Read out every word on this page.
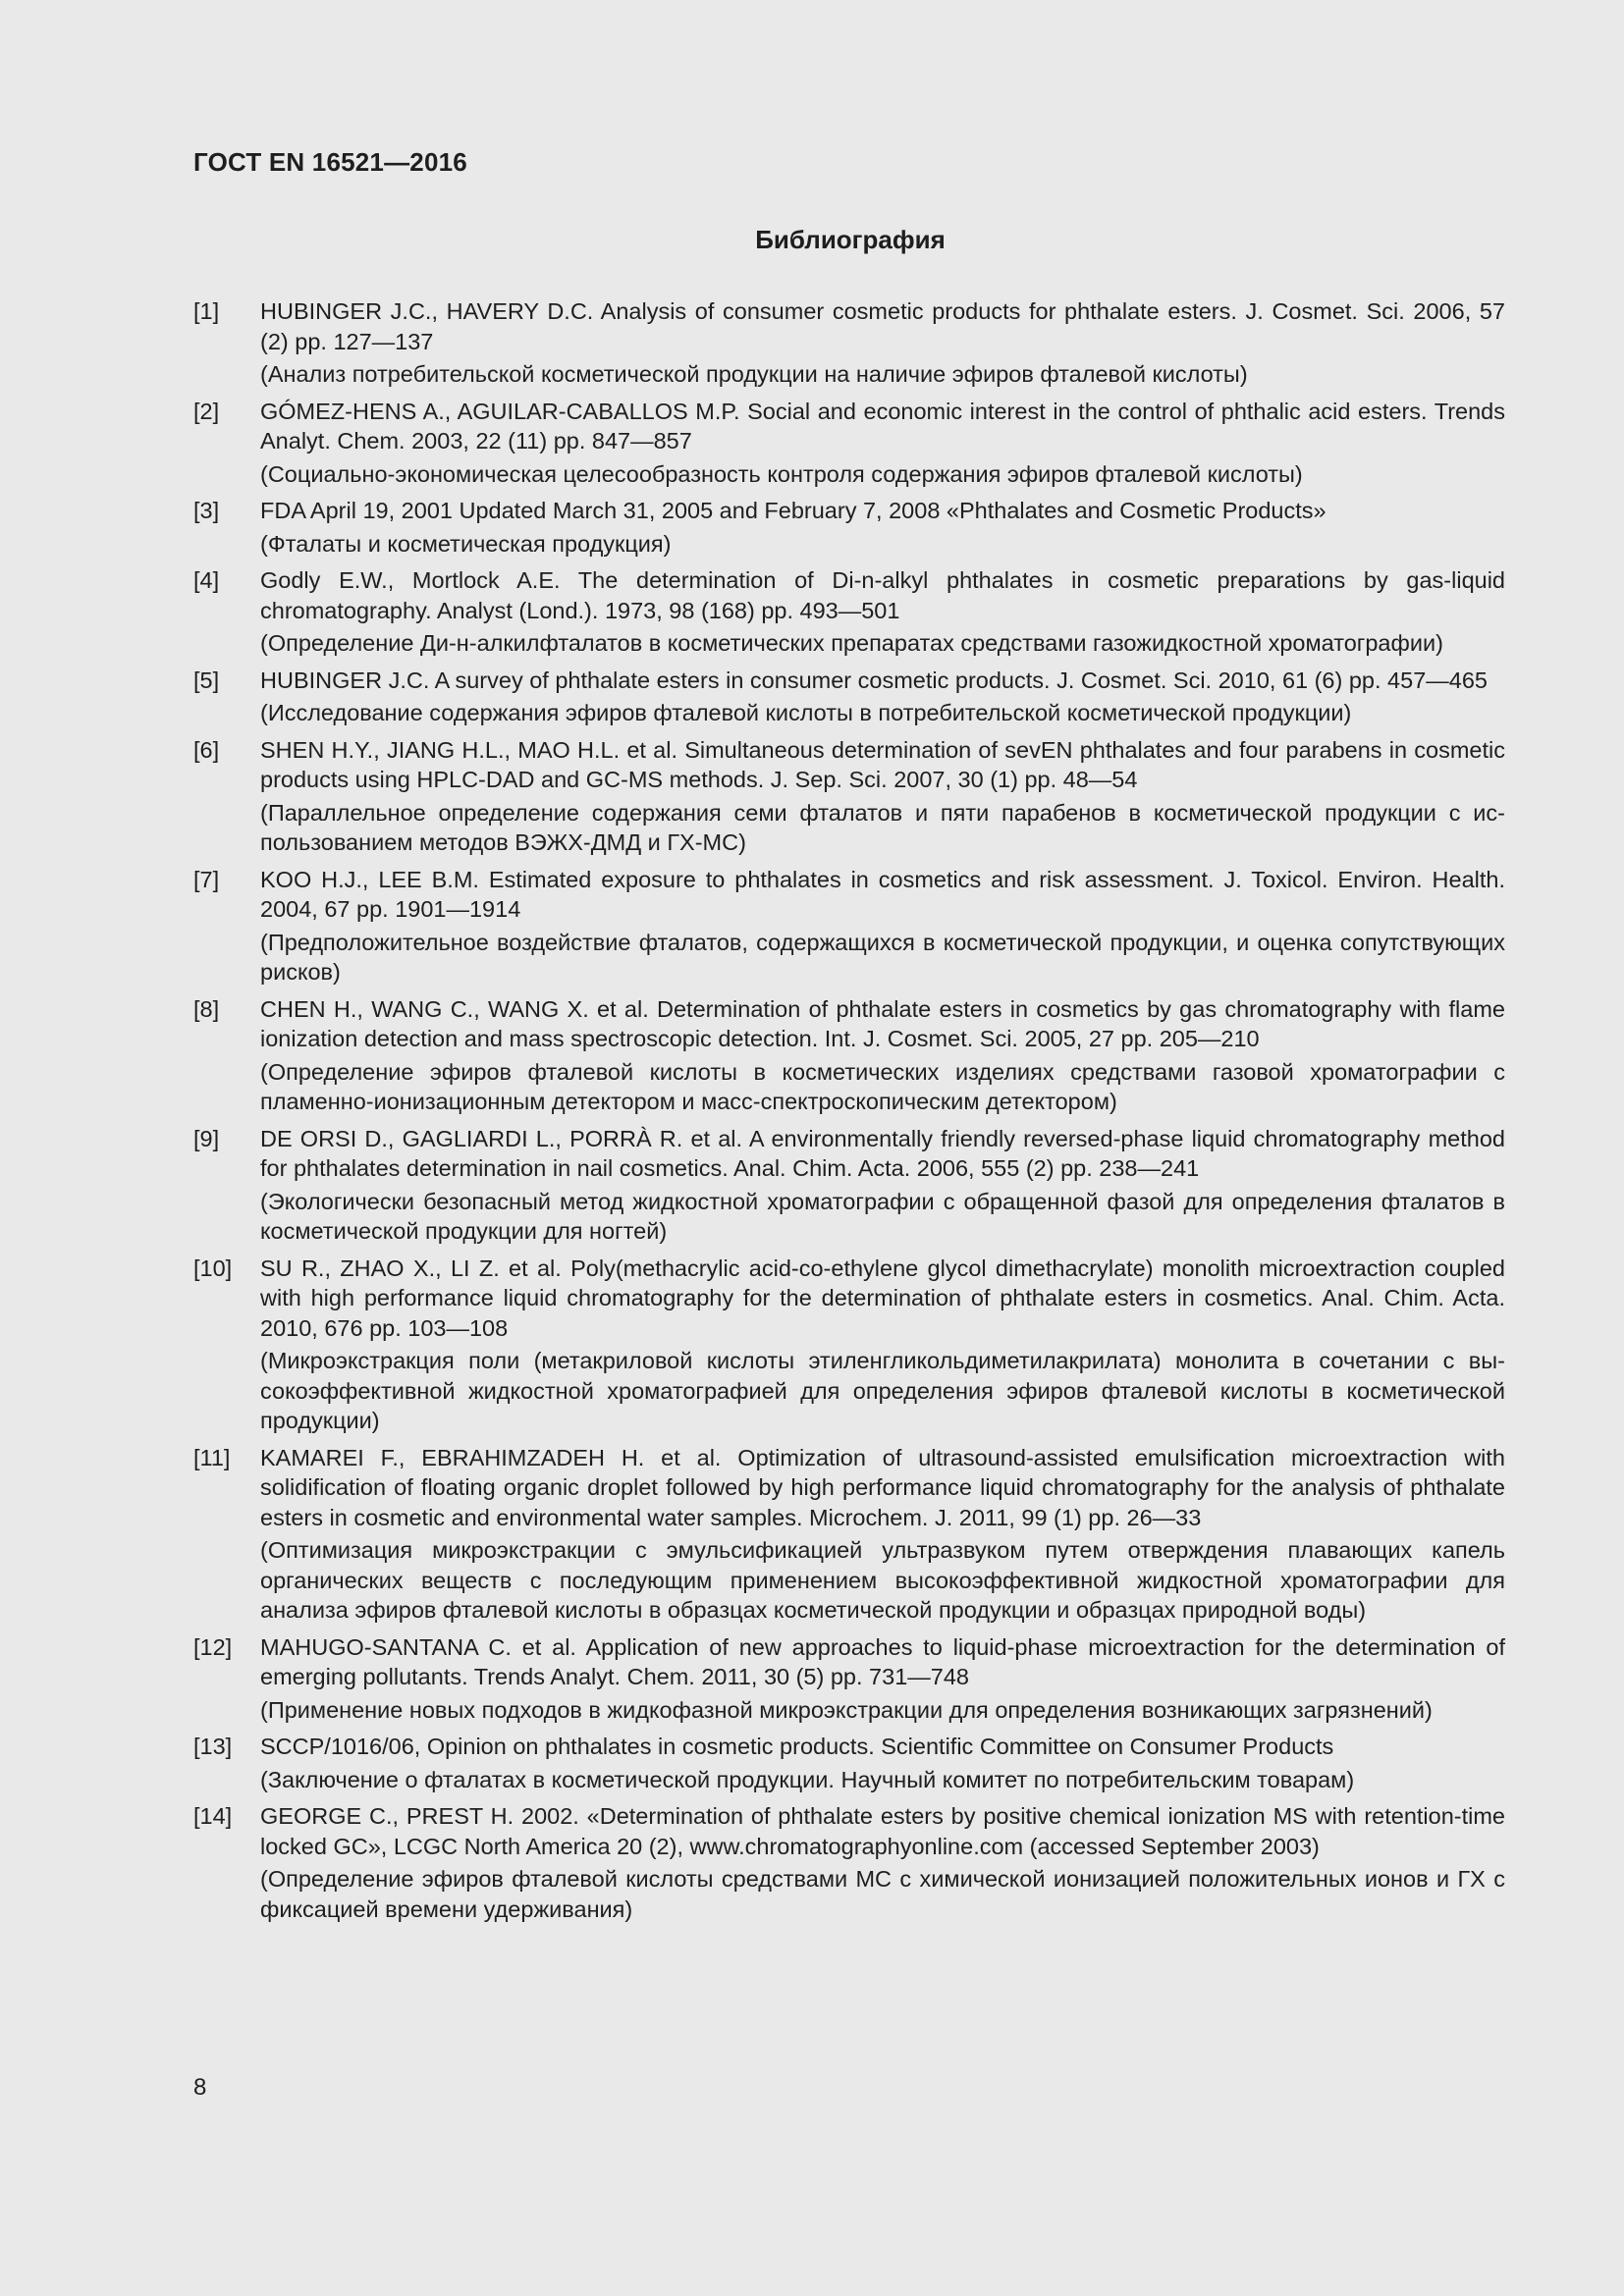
ГОСТ EN 16521—2016
Библиография
[1]	HUBINGER J.C., HAVERY D.C. Analysis of consumer cosmetic products for phthalate esters. J. Cosmet. Sci. 2006, 57 (2) pp. 127—137

(Анализ потребительской косметической продукции на наличие эфиров фталевой кислоты)

[2]	GÓMEZ-HENS A., AGUILAR-CABALLOS M.P. Social and economic interest in the control of phthalic acid esters. Trends Analyt. Chem. 2003, 22 (11) pp. 847—857

(Социально-экономическая целесообразность контроля содержания эфиров фталевой кислоты)

[3]	FDA April 19, 2001 Updated March 31, 2005 and February 7, 2008 «Phthalates and Cosmetic Products»

(Фталаты и косметическая продукция)

[4]	Godly E.W., Mortlock A.E. The determination of Di-n-alkyl phthalates in cosmetic preparations by gas-liquid chromatography. Analyst (Lond.). 1973, 98 (168) pp. 493—501

(Определение Ди-н-алкилфталатов в косметических препаратах средствами газожидкостной хроматографии)

[5]	HUBINGER J.C. A survey of phthalate esters in consumer cosmetic products. J. Cosmet. Sci. 2010, 61 (6) pp. 457—465

(Исследование содержания эфиров фталевой кислоты в потребительской косметической продукции)

[6]	SHEN H.Y., JIANG H.L., MAO H.L. et al. Simultaneous determination of sevEN phthalates and four parabens in cosmetic products using HPLC-DAD and GC-MS methods. J. Sep. Sci. 2007, 30 (1) pp. 48—54

(Параллельное определение содержания семи фталатов и пяти парабенов в косметической продукции с использованием методов ВЭЖХ-ДМД и ГХ-МС)

[7]	KOO H.J., LEE B.M. Estimated exposure to phthalates in cosmetics and risk assessment. J. Toxicol. Environ. Health. 2004, 67 pp. 1901—1914

(Предположительное воздействие фталатов, содержащихся в косметической продукции, и оценка сопутствующих рисков)

[8]	CHEN H., WANG C., WANG X. et al. Determination of phthalate esters in cosmetics by gas chromatography with flame ionization detection and mass spectroscopic detection. Int. J. Cosmet. Sci. 2005, 27 pp. 205—210

(Определение эфиров фталевой кислоты в косметических изделиях средствами газовой хроматографии с пламенно-ионизационным детектором и масс-спектроскопическим детектором)

[9]	DE ORSI D., GAGLIARDI L., PORRÀ R. et al. A environmentally friendly reversed-phase liquid chromatography method for phthalates determination in nail cosmetics. Anal. Chim. Acta. 2006, 555 (2) pp. 238—241

(Экологически безопасный метод жидкостной хроматографии с обращенной фазой для определения фталатов в косметической продукции для ногтей)

[10]	SU R., ZHAO X., LI Z. et al. Poly(methacrylic acid-co-ethylene glycol dimethacrylate) monolith microextraction coupled with high performance liquid chromatography for the determination of phthalate esters in cosmetics. Anal. Chim. Acta. 2010, 676 pp. 103—108

(Микроэкстракция поли (метакриловой кислоты этиленгликольдиметилакрилата) монолита в сочетании с высокоэффективной жидкостной хроматографией для определения эфиров фталевой кислоты в косметической продукции)

[11]	KAMAREI F., EBRAHIMZADEH H. et al. Optimization of ultrasound-assisted emulsification microextraction with solidification of floating organic droplet followed by high performance liquid chromatography for the analysis of phthalate esters in cosmetic and environmental water samples. Microchem. J. 2011, 99 (1) pp. 26—33

(Оптимизация микроэкстракции с эмульсификацией ультразвуком путем отверждения плавающих капель органических веществ с последующим применением высокоэффективной жидкостной хроматографии для анализа эфиров фталевой кислоты в образцах косметической продукции и образцах природной воды)

[12]	MAHUGO-SANTANA C. et al. Application of new approaches to liquid-phase microextraction for the determination of emerging pollutants. Trends Analyt. Chem. 2011, 30 (5) pp. 731—748

(Применение новых подходов в жидкофазной микроэкстракции для определения возникающих загрязнений)

[13]	SCCP/1016/06, Opinion on phthalates in cosmetic products. Scientific Committee on Consumer Products

(Заключение о фталатах в косметической продукции. Научный комитет по потребительским товарам)

[14]	GEORGE C., PREST H. 2002. «Determination of phthalate esters by positive chemical ionization MS with retention-time locked GC», LCGC North America 20 (2), www.chromatographyonline.com (accessed September 2003)

(Определение эфиров фталевой кислоты средствами МС с химической ионизацией положительных ионов и ГХ с фиксацией времени удерживания)

8
